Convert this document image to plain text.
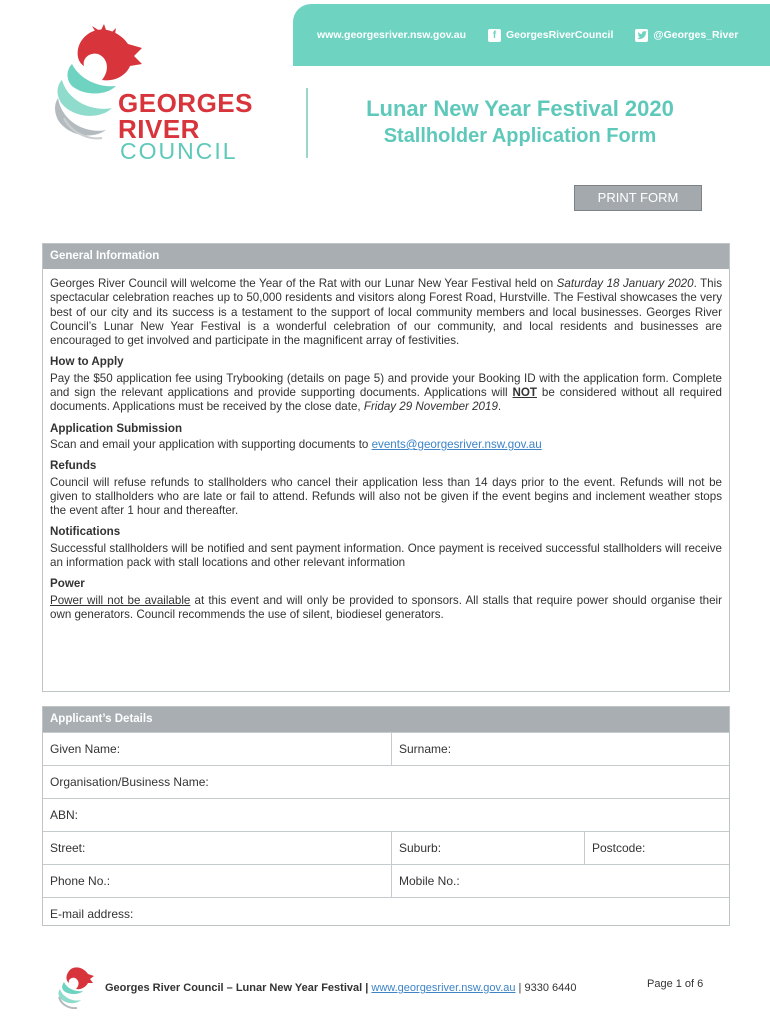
www.georgesriver.nsw.gov.au	f GeorgesRiverCouncil	@Georges_River
GEORGES
RIVER
COUNCIL
Lunar New Year Festival 2020
Stallholder Application Form
PRINT FORM
General Information

Georges River Council will welcome the Year of the Rat with our Lunar New Year Festival held on Saturday 18 January 2020. This spectacular celebration reaches up to 50,000 residents and visitors along Forest Road, Hurstville. The Festival showcases the very best of our city and its success is a testament to the support of local community members and local businesses. Georges River Council’s Lunar New Year Festival is a wonderful celebration of our community, and local residents and businesses are encouraged to get involved and participate in the magnificent array of festivities.

How to Apply

Pay the $50 application fee using Trybooking (details on page 5) and provide your Booking ID with the application form. Complete and sign the relevant applications and provide supporting documents. Applications will NOT be considered without all required documents. Applications must be received by the close date, Friday 29 November 2019.

Application Submission

Scan and email your application with supporting documents to events@georgesriver.nsw.gov.au

Refunds

Council will refuse refunds to stallholders who cancel their application less than 14 days prior to the event. Refunds will not be given to stallholders who are late or fail to attend. Refunds will also not be given if the event begins and inclement weather stops the event after 1 hour and thereafter.

Notifications

Successful stallholders will be notified and sent payment information. Once payment is received successful stallholders will receive an information pack with stall locations and other relevant information

Power

Power will not be available at this event and will only be provided to sponsors. All stalls that require power should organise their own generators. Council recommends the use of silent, biodiesel generators.

Applicant’s Details
Given Name:	Surname:
Organisation/Business Name:
ABN:
Street:	Suburb:	Postcode:
Phone No.:	Mobile No.:
E-mail address:
Georges River Council – Lunar New Year Festival | www.georgesriver.nsw.gov.au | 9330 6440	Page 1 of 6
